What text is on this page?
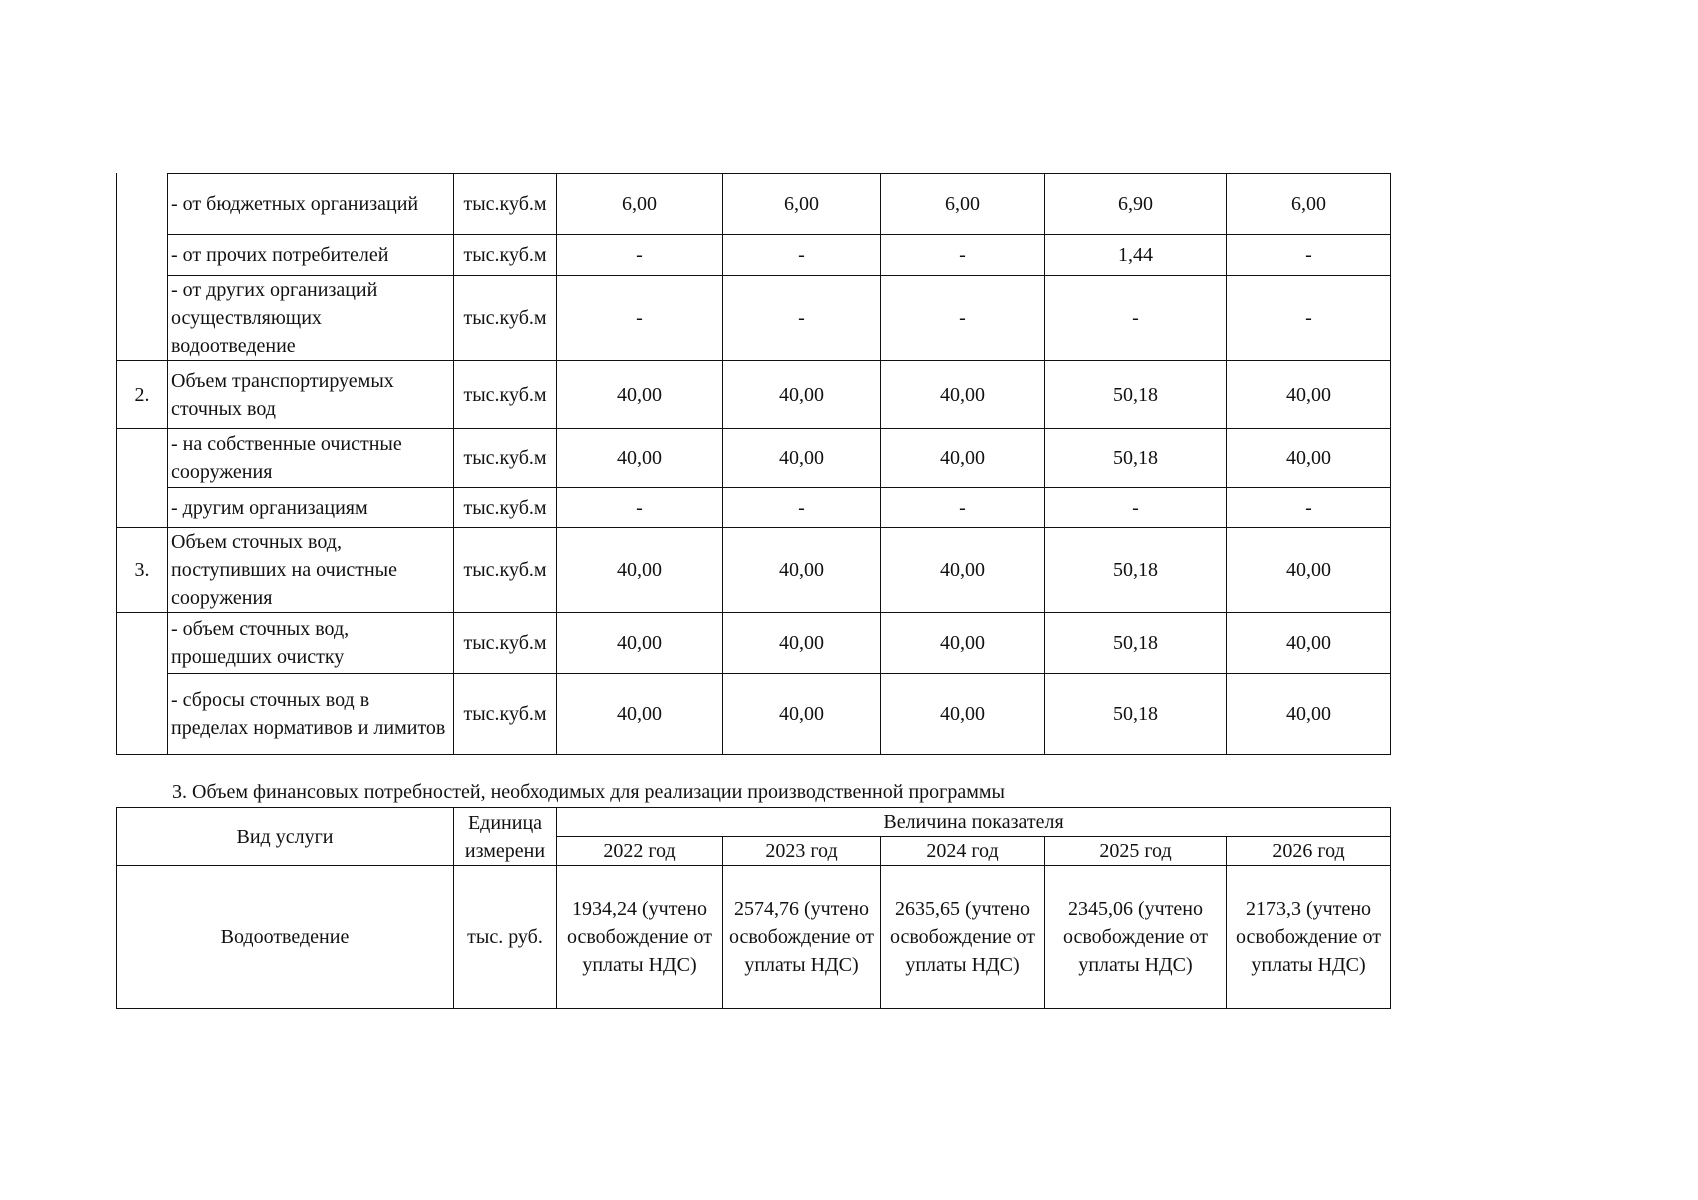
	- от бюджетных организаций	тыс.куб.м	6,00	6,00	6,00	6,90	6,00
	- от прочих потребителей	тыс.куб.м	-	-	-	1,44	-
	- от других организаций осуществляющих водоотведение	тыс.куб.м	-	-	-	-	-
2.	Объем транспортируемых сточных вод	тыс.куб.м	40,00	40,00	40,00	50,18	40,00
	- на собственные очистные сооружения	тыс.куб.м	40,00	40,00	40,00	50,18	40,00
	- другим организациям	тыс.куб.м	-	-	-	-	-
3.	Объем сточных вод, поступивших на очистные сооружения	тыс.куб.м	40,00	40,00	40,00	50,18	40,00
	- объем сточных вод, прошедших очистку	тыс.куб.м	40,00	40,00	40,00	50,18	40,00
	- сбросы сточных вод в пределах нормативов и лимитов	тыс.куб.м	40,00	40,00	40,00	50,18	40,00
3. Объем финансовых потребностей, необходимых для реализации производственной программы
Вид услуги	Единица измерени	Величина показателя				
		2022 год	2023 год	2024 год	2025 год	2026 год
Водоотведение	тыс. руб.	1934,24 (учтено освобождение от уплаты НДС)	2574,76 (учтено освобождение от уплаты НДС)	2635,65 (учтено освобождение от уплаты НДС)	2345,06 (учтено освобождение от уплаты НДС)	2173,3 (учтено освобождение от уплаты НДС)
